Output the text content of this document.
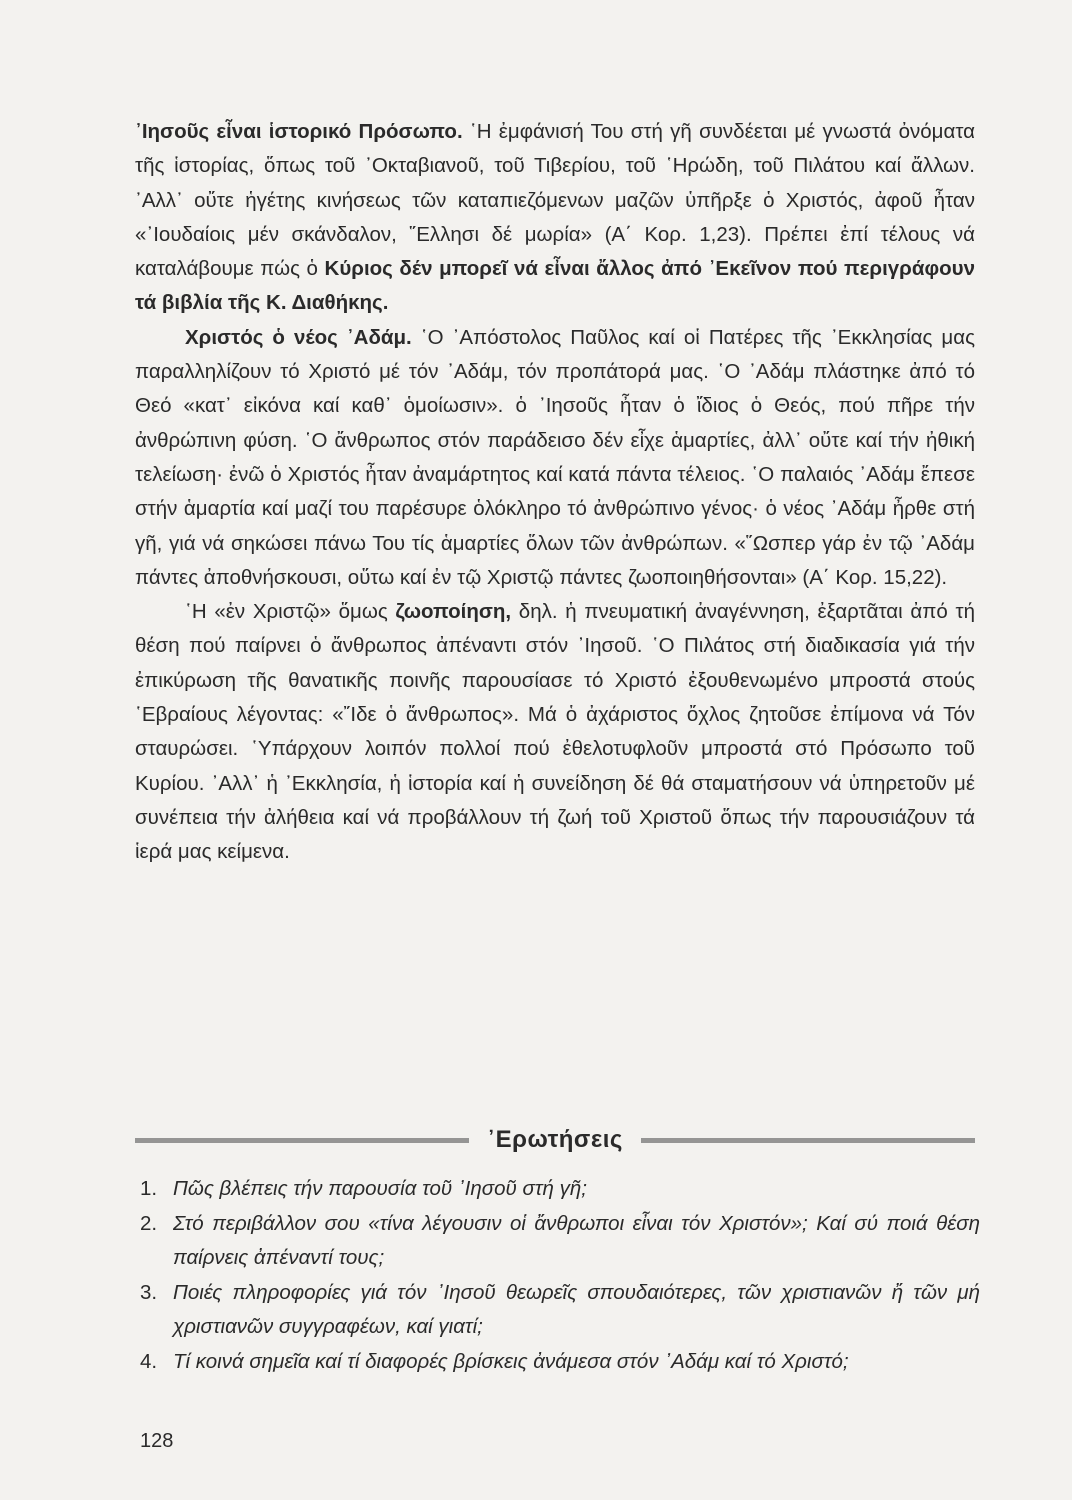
᾽Ιησοῦς εἶναι ἱστορικό Πρόσωπο. ῾Η ἐμφάνισή Του στή γῆ συνδέεται μέ γνωστά ὀνόματα τῆς ἱστορίας, ὅπως τοῦ ᾽Οκταβιανοῦ, τοῦ Τιβερίου, τοῦ ῾Ηρώδη, τοῦ Πιλάτου καί ἄλλων. ᾽Αλλ᾽ οὔτε ἡγέτης κινήσεως τῶν καταπιεζόμενων μαζῶν ὑπῆρξε ὁ Χριστός, ἀφοῦ ἦταν «᾽Ιουδαίοις μέν σκάνδαλον, ῞Ελλησι δέ μωρία» (Α΄ Κορ. 1,23). Πρέπει ἐπί τέλους νά καταλάβουμε πώς ὁ Κύριος δέν μπορεῖ νά εἶναι ἄλλος ἀπό ᾽Εκεῖνον πού περιγράφουν τά βιβλία τῆς Κ. Διαθήκης.

Χριστός ὁ νέος ᾽Αδάμ. ῾Ο ᾽Απόστολος Παῦλος καί οἱ Πατέρες τῆς ᾽Εκκλησίας μας παραλληλίζουν τό Χριστό μέ τόν ᾽Αδάμ, τόν προπάτορά μας. ῾Ο ᾽Αδάμ πλάστηκε ἀπό τό Θεό «κατ᾽ εἰκόνα καί καθ᾽ ὁμοίωσιν». ὁ ᾽Ιησοῦς ἦταν ὁ ἴδιος ὁ Θεός, πού πῆρε τήν ἀνθρώπινη φύση. ῾Ο ἄνθρωπος στόν παράδεισο δέν εἶχε ἁμαρτίες, ἀλλ᾽ οὔτε καί τήν ἠθική τελείωση· ἐνῶ ὁ Χριστός ἦταν ἀναμάρτητος καί κατά πάντα τέλειος. ῾Ο παλαιός ᾽Αδάμ ἔπεσε στήν ἁμαρτία καί μαζί του παρέσυρε ὁλόκληρο τό ἀνθρώπινο γένος· ὁ νέος ᾽Αδάμ ἦρθε στή γῆ, γιά νά σηκώσει πάνω Του τίς ἁμαρτίες ὅλων τῶν ἀνθρώπων. «῞Ωσπερ γάρ ἐν τῷ ᾽Αδάμ πάντες ἀποθνήσκουσι, οὕτω καί ἐν τῷ Χριστῷ πάντες ζωοποιηθήσονται» (Α΄ Κορ. 15,22).

῾Η «ἐν Χριστῷ» ὅμως ζωοποίηση, δηλ. ἡ πνευματική ἀναγέννηση, ἐξαρτᾶται ἀπό τή θέση πού παίρνει ὁ ἄνθρωπος ἀπέναντι στόν ᾽Ιησοῦ. ῾Ο Πιλάτος στή διαδικασία γιά τήν ἐπικύρωση τῆς θανατικῆς ποινῆς παρουσίασε τό Χριστό ἐξουθενωμένο μπροστά στούς ῾Εβραίους λέγοντας: «῎Ιδε ὁ ἄνθρωπος». Μά ὁ ἀχάριστος ὄχλος ζητοῦσε ἐπίμονα νά Τόν σταυρώσει. ῾Υπάρχουν λοιπόν πολλοί πού ἐθελοτυφλοῦν μπροστά στό Πρόσωπο τοῦ Κυρίου. ᾽Αλλ᾽ ἡ ᾽Εκκλησία, ἡ ἱστορία καί ἡ συνείδηση δέ θά σταματήσουν νά ὑπηρετοῦν μέ συνέπεια τήν ἀλήθεια καί νά προβάλλουν τή ζωή τοῦ Χριστοῦ ὅπως τήν παρουσιάζουν τά ἱερά μας κείμενα.

᾽Ερωτήσεις
1. Πῶς βλέπεις τήν παρουσία τοῦ ᾽Ιησοῦ στή γῆ;
2. Στό περιβάλλον σου «τίνα λέγουσιν οἱ ἄνθρωποι εἶναι τόν Χριστόν»; Καί σύ ποιά θέση παίρνεις ἀπέναντί τους;
3. Ποιές πληροφορίες γιά τόν ᾽Ιησοῦ θεωρεῖς σπουδαιότερες, τῶν χριστιανῶν ἤ τῶν μή χριστιανῶν συγγραφέων, καί γιατί;
4. Τί κοινά σημεῖα καί τί διαφορές βρίσκεις ἀνάμεσα στόν ᾽Αδάμ καί τό Χριστό;
128
